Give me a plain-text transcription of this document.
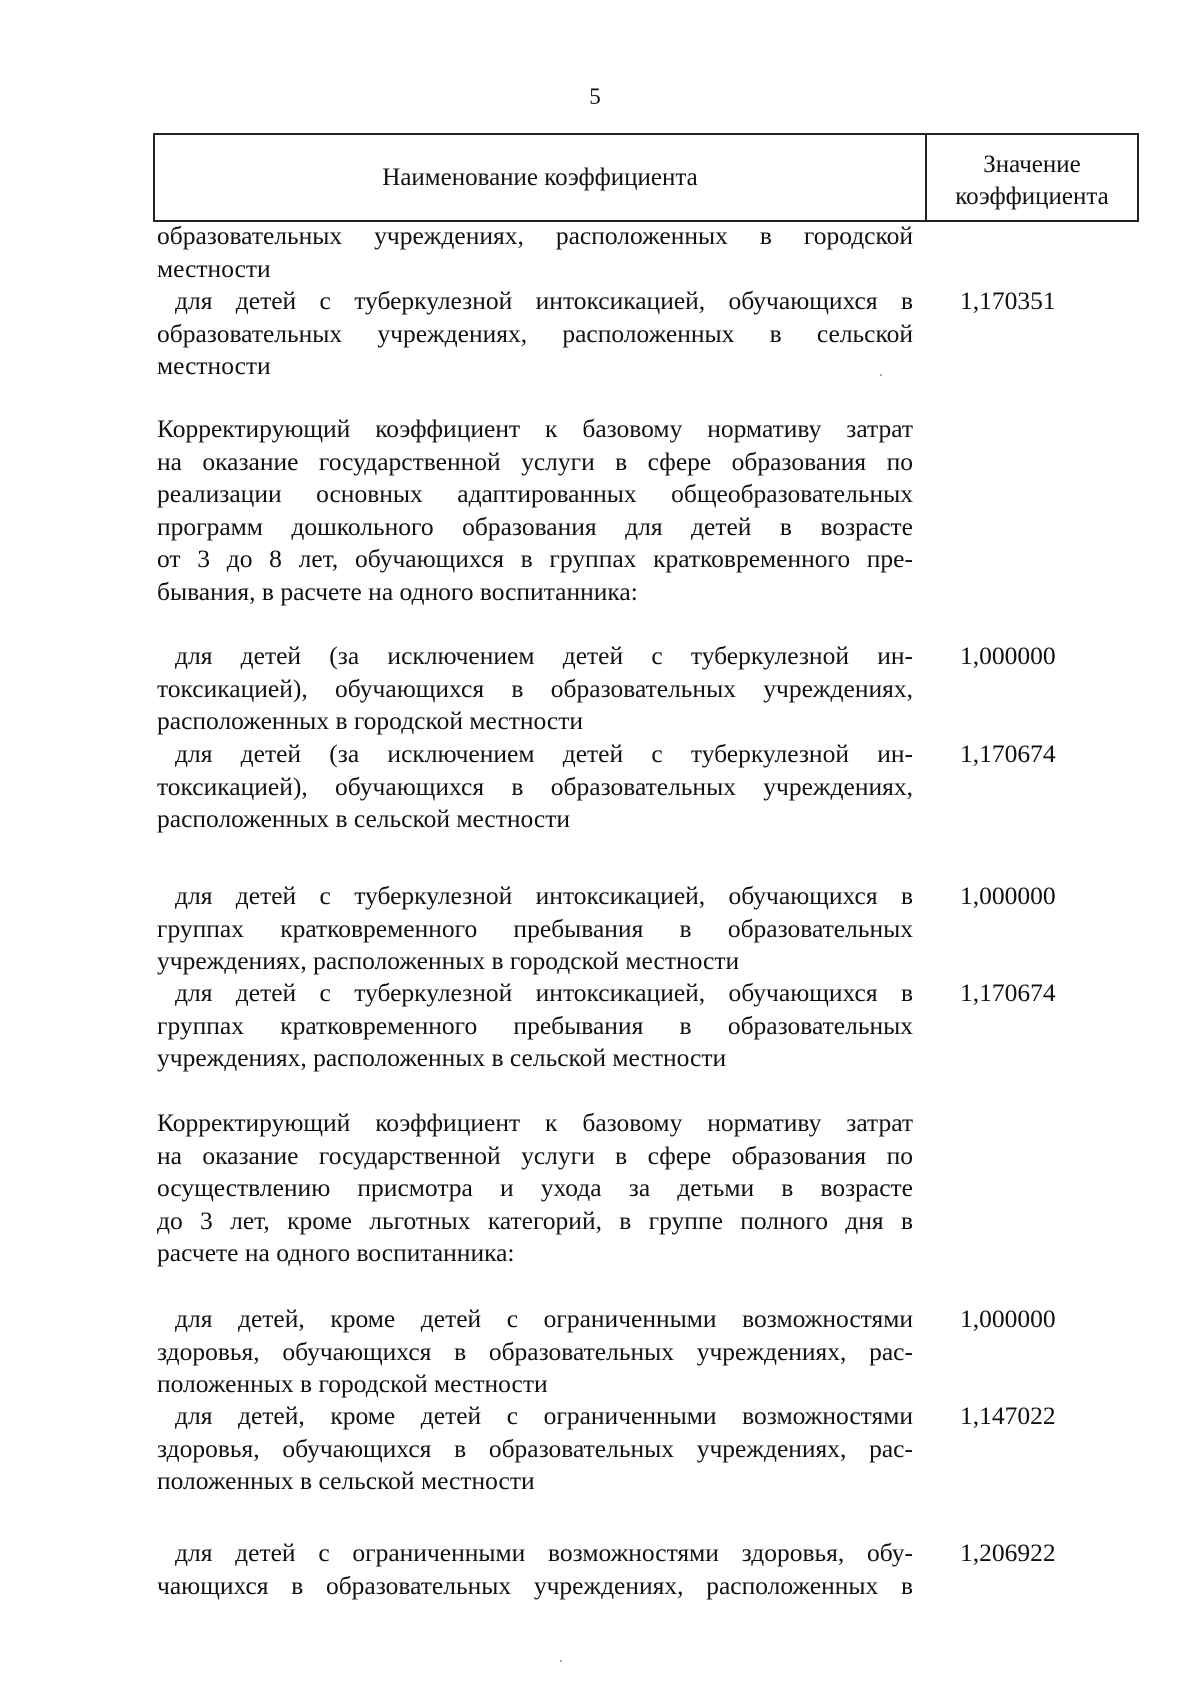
5
Наименование коэффициента	Значение
коэффициента
образовательных учреждениях, расположенных в городской
местности
для детей с туберкулезной интоксикацией, обучающихся в
образовательных учреждениях, расположенных в сельской
местности
1,170351
Корректирующий коэффициент к базовому нормативу затрат
на оказание государственной услуги в сфере образования по
реализации основных адаптированных общеобразовательных
программ дошкольного образования для детей в возрасте
от 3 до 8 лет, обучающихся в группах кратковременного пре-
бывания, в расчете на одного воспитанника:
для детей (за исключением детей с туберкулезной ин-
токсикацией), обучающихся в образовательных учреждениях,
расположенных в городской местности
1,000000
для детей (за исключением детей с туберкулезной ин-
токсикацией), обучающихся в образовательных учреждениях,
расположенных в сельской местности
1,170674
для детей с туберкулезной интоксикацией, обучающихся в
группах кратковременного пребывания в образовательных
учреждениях, расположенных в городской местности
1,000000
для детей с туберкулезной интоксикацией, обучающихся в
группах кратковременного пребывания в образовательных
учреждениях, расположенных в сельской местности
1,170674
Корректирующий коэффициент к базовому нормативу затрат
на оказание государственной услуги в сфере образования по
осуществлению присмотра и ухода за детьми в возрасте
до 3 лет, кроме льготных категорий, в группе полного дня в
расчете на одного воспитанника:
для детей, кроме детей с ограниченными возможностями
здоровья, обучающихся в образовательных учреждениях, рас-
положенных в городской местности
1,000000
для детей, кроме детей с ограниченными возможностями
здоровья, обучающихся в образовательных учреждениях, рас-
положенных в сельской местности
1,147022
для детей с ограниченными возможностями здоровья, обу-
чающихся в образовательных учреждениях, расположенных в
1,206922
